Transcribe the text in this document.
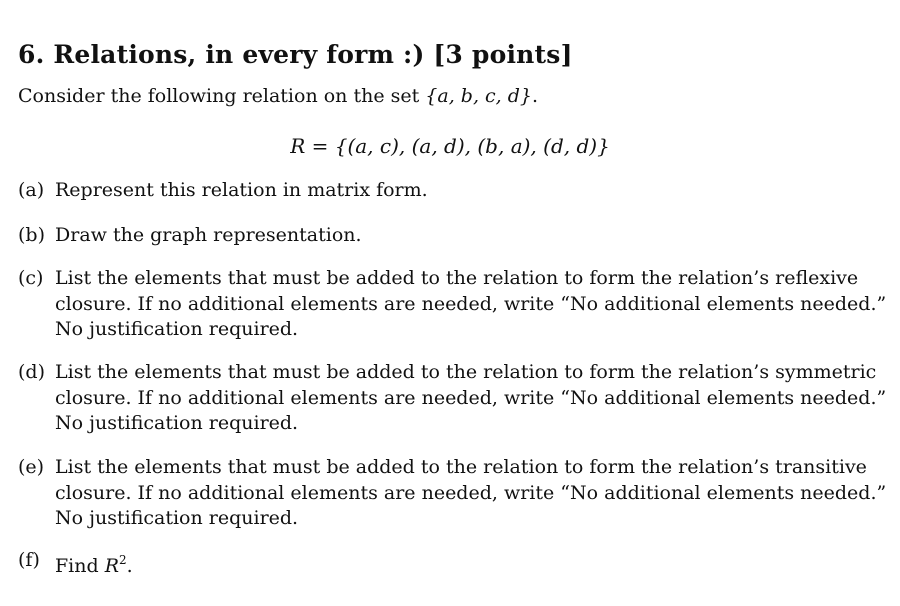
6. Relations, in every form :) [3 points]
Consider the following relation on the set {a, b, c, d}.
R = {(a, c), (a, d), (b, a), (d, d)}
(a) Represent this relation in matrix form.
(b) Draw the graph representation.
(c) List the elements that must be added to the relation to form the relation’s reflexive
closure. If no additional elements are needed, write “No additional elements needed.”
No justification required.
(d) List the elements that must be added to the relation to form the relation’s symmetric
closure. If no additional elements are needed, write “No additional elements needed.”
No justification required.
(e) List the elements that must be added to the relation to form the relation’s transitive
closure. If no additional elements are needed, write “No additional elements needed.”
No justification required.
(f) Find $R^2$.
